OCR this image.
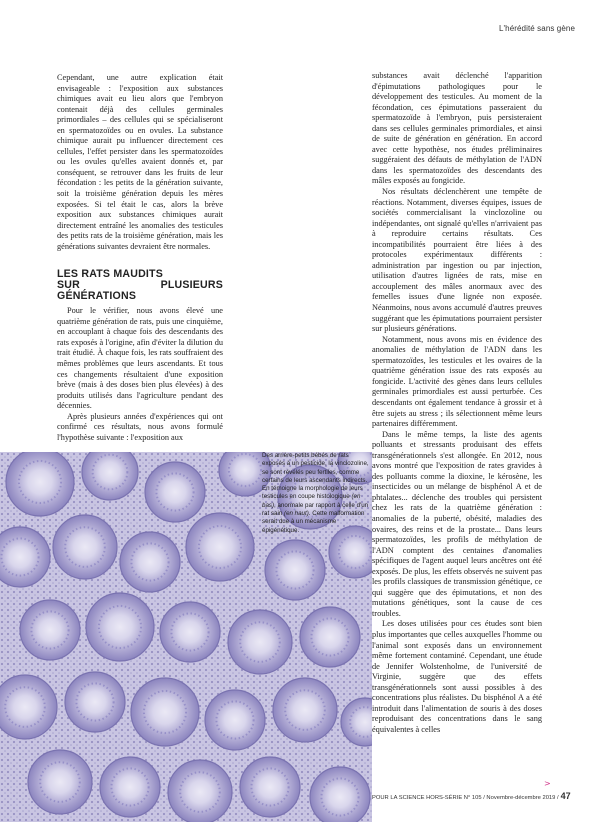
L'hérédité sans gène

Cependant, une autre explication était envisageable : l'exposition aux substances chimiques avait eu lieu alors que l'embryon contenait déjà des cellules germinales primordiales – des cellules qui se spécialiseront en spermatozoïdes ou en ovules. La substance chimique aurait pu influencer directement ces cellules, l'effet persister dans les spermatozoïdes ou les ovules qu'elles avaient donnés et, par conséquent, se retrouver dans les fruits de leur fécondation : les petits de la génération suivante, soit la troisième génération depuis les mères exposées. Si tel était le cas, alors la brève exposition aux substances chimiques aurait directement entraîné les anomalies des testicules des petits rats de la troisième génération, mais les générations suivantes devraient être normales.

LES RATS MAUDITS
SUR PLUSIEURS GÉNÉRATIONS

Pour le vérifier, nous avons élevé une quatrième génération de rats, puis une cinquième, en accouplant à chaque fois des descendants des rats exposés à l'origine, afin d'éviter la dilution du trait étudié. À chaque fois, les rats souffraient des mêmes problèmes que leurs ascendants. Et tous ces changements résultaient d'une exposition brève (mais à des doses bien plus élevées) à des produits utilisés dans l'agriculture pendant des décennies.

Après plusieurs années d'expériences qui ont confirmé ces résultats, nous avons formulé l'hypothèse suivante : l'exposition aux

substances avait déclenché l'apparition d'épimutations pathologiques pour le développement des testicules. Au moment de la fécondation, ces épimutations passeraient du spermatozoïde à l'embryon, puis persisteraient dans ses cellules germinales primordiales, et ainsi de suite de génération en génération. En accord avec cette hypothèse, nos études préliminaires suggéraient des défauts de méthylation de l'ADN dans les spermatozoïdes des descendants des mâles exposés au fongicide.

Nos résultats déclenchèrent une tempête de réactions. Notamment, diverses équipes, issues de sociétés commercialisant la vinclozoline ou indépendantes, ont signalé qu'elles n'arrivaient pas à reproduire certains résultats. Ces incompatibilités pourraient être liées à des protocoles expérimentaux différents : administration par ingestion ou par injection, utilisation d'autres lignées de rats, mise en accouplement des mâles anormaux avec des femelles issues d'une lignée non exposée. Néanmoins, nous avons accumulé d'autres preuves suggérant que les épimutations pourraient persister sur plusieurs générations.

Notamment, nous avons mis en évidence des anomalies de méthylation de l'ADN dans les spermatozoïdes, les testicules et les ovaires de la quatrième génération issue des rats exposés au fongicide. L'activité des gènes dans leurs cellules germinales primordiales est aussi perturbée. Ces descendants ont également tendance à grossir et à être sujets au stress ; ils sélectionnent même leurs partenaires différemment.

Dans le même temps, la liste des agents polluants et stressants produisant des effets transgénérationnels s'est allongée. En 2012, nous avons montré que l'exposition de rates gravides à des polluants comme la dioxine, le kérosène, les insecticides ou un mélange de bisphénol A et de phtalates... déclenche des troubles qui persistent chez les rats de la quatrième génération : anomalies de la puberté, obésité, maladies des ovaires, des reins et de la prostate... Dans leurs spermatozoïdes, les profils de méthylation de l'ADN comptent des centaines d'anomalies spécifiques de l'agent auquel leurs ancêtres ont été exposés. De plus, les effets observés ne suivent pas les profils classiques de transmission génétique, ce qui suggère que des épimutations, et non des mutations génétiques, sont la cause de ces troubles.

Les doses utilisées pour ces études sont bien plus importantes que celles auxquelles l'homme ou l'animal sont exposés dans un environnement même fortement contaminé. Cependant, une étude de Jennifer Wolstenholme, de l'université de Virginie, suggère que des effets transgénérationnels sont aussi possibles à des concentrations plus réalistes. Du bisphénol A a été introduit dans l'alimentation de souris à des doses reproduisant des concentrations dans le sang équivalentes à celles

Des arrière-petits bébés de rats exposés à un pesticide, la vinclozoline, se sont révélés peu fertiles, comme certains de leurs ascendants indirects. En témoigne la morphologie de leurs testicules en coupe histologique (en bas), anormale par rapport à celle d'un rat sain (en haut). Cette malformation serait due à un mécanisme épigénétique.
>
POUR LA SCIENCE HORS-SÉRIE N° 105 / Novembre-décembre 2019 / 47
